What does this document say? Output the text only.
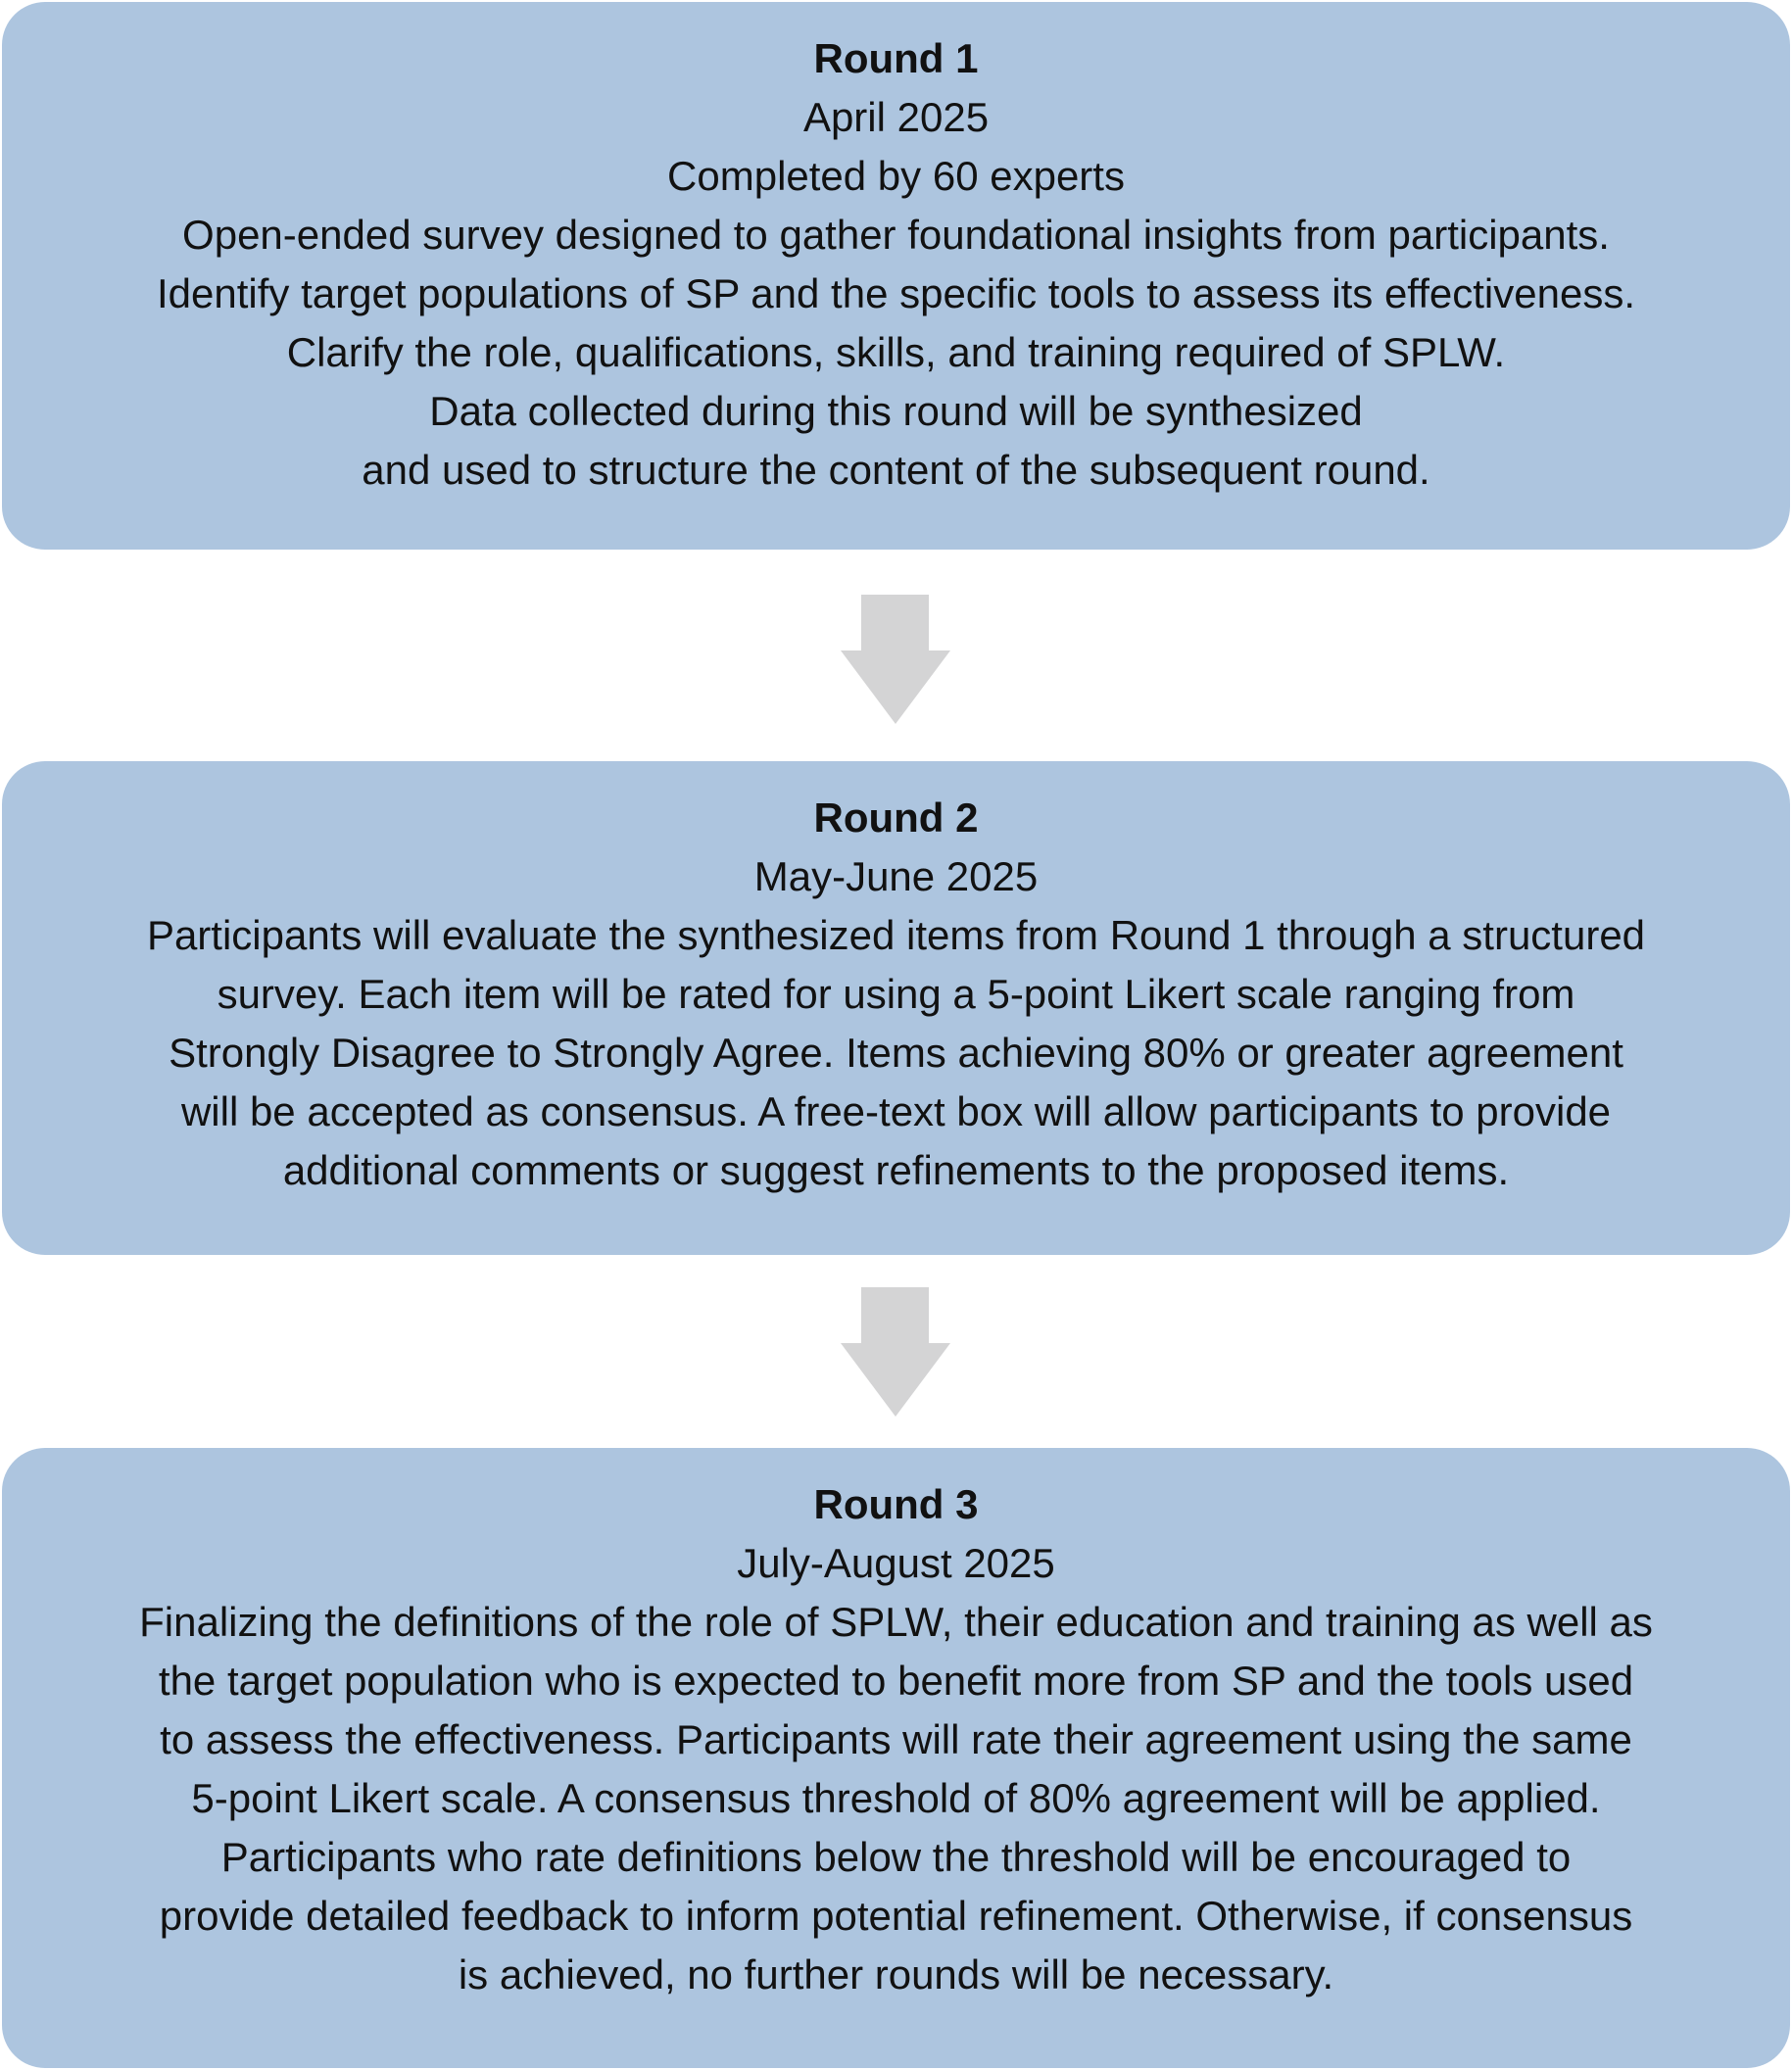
Round 1
April 2025
Completed by 60 experts
Open-ended survey designed to gather foundational insights from participants.
Identify target populations of SP and the specific tools to assess its effectiveness.
Clarify the role, qualifications, skills, and training required of SPLW.
Data collected during this round will be synthesized
and used to structure the content of the subsequent round.
Round 2
May-June 2025
Participants will evaluate the synthesized items from Round 1 through a structured
survey. Each item will be rated for using a 5-point Likert scale ranging from
Strongly Disagree to Strongly Agree. Items achieving 80% or greater agreement
will be accepted as consensus. A free-text box will allow participants to provide
additional comments or suggest refinements to the proposed items.
Round 3
July-August 2025
Finalizing the definitions of the role of SPLW, their education and training as well as
the target population who is expected to benefit more from SP and the tools used
to assess the effectiveness. Participants will rate their agreement using the same
5-point Likert scale. A consensus threshold of 80% agreement will be applied.
Participants who rate definitions below the threshold will be encouraged to
provide detailed feedback to inform potential refinement. Otherwise, if consensus
is achieved, no further rounds will be necessary.
